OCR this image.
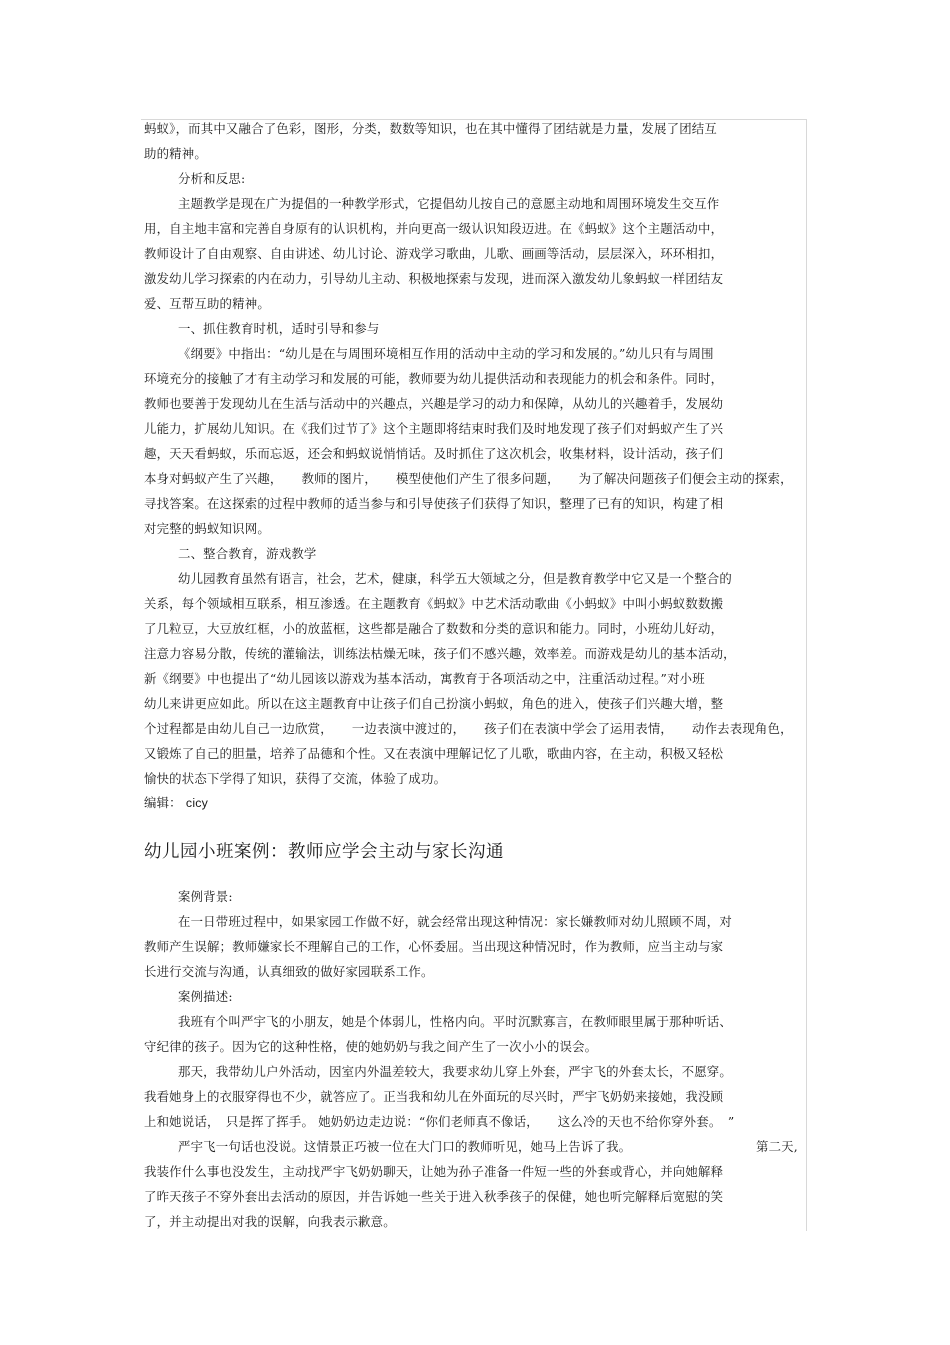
蚂蚁》，而其中又融合了色彩，图形，分类，数数等知识，也在其中懂得了团结就是力量，发展了团结互
助的精神。
分析和反思:
主题教学是现在广为提倡的一种教学形式，它提倡幼儿按自己的意愿主动地和周围环境发生交互作
用，自主地丰富和完善自身原有的认识机构，并向更高一级认识知段迈进。在《蚂蚁》这个主题活动中，
教师设计了自由观察、自由讲述、幼儿讨论、游戏学习歌曲，儿歌、画画等活动，层层深入，环环相扣，
激发幼儿学习探索的内在动力，引导幼儿主动、积极地探索与发现，进而深入激发幼儿象蚂蚁一样团结友
爱、互帮互助的精神。
一、抓住教育时机，适时引导和参与
《纲要》中指出：“幼儿是在与周围环境相互作用的活动中主动的学习和发展的。”幼儿只有与周围
环境充分的接触了才有主动学习和发展的可能，教师要为幼儿提供活动和表现能力的机会和条件。同时，
教师也要善于发现幼儿在生活与活动中的兴趣点，兴趣是学习的动力和保障，从幼儿的兴趣着手，发展幼
儿能力，扩展幼儿知识。在《我们过节了》这个主题即将结束时我们及时地发现了孩子们对蚂蚁产生了兴
趣，天天看蚂蚁，乐而忘返，还会和蚂蚁说悄悄话。及时抓住了这次机会，收集材料，设计活动，孩子们
本身对蚂蚁产生了兴趣，　　教师的图片，　　模型使他们产生了很多问题，　　为了解决问题孩子们便会主动的探索，
寻找答案。在这探索的过程中教师的适当参与和引导使孩子们获得了知识，整理了已有的知识，构建了相
对完整的蚂蚁知识网。
二、整合教育，游戏教学
幼儿园教育虽然有语言，社会，艺术，健康，科学五大领域之分，但是教育教学中它又是一个整合的
关系，每个领域相互联系，相互渗透。在主题教育《蚂蚁》中艺术活动歌曲《小蚂蚁》中叫小蚂蚁数数搬
了几粒豆，大豆放红框，小的放蓝框，这些都是融合了数数和分类的意识和能力。同时，小班幼儿好动，
注意力容易分散，传统的灌输法，训练法枯燥无味，孩子们不感兴趣，效率差。而游戏是幼儿的基本活动，
新《纲要》中也提出了“幼儿园该以游戏为基本活动，寓教育于各项活动之中，注重活动过程。”对小班
幼儿来讲更应如此。所以在这主题教育中让孩子们自己扮演小蚂蚁，角色的进入，使孩子们兴趣大增，整
个过程都是由幼儿自己一边欣赏，　　一边表演中渡过的，　　孩子们在表演中学会了运用表情，　　动作去表现角色，
又锻炼了自己的胆量，培养了品德和个性。又在表演中理解记忆了儿歌，歌曲内容，在主动，积极又轻松
愉快的状态下学得了知识，获得了交流，体验了成功。
编辑： cicy
幼儿园小班案例：教师应学会主动与家长沟通
案例背景:
在一日带班过程中，如果家园工作做不好，就会经常出现这种情况：家长嫌教师对幼儿照顾不周，对
教师产生误解；教师嫌家长不理解自己的工作，心怀委屈。当出现这种情况时，作为教师，应当主动与家
长进行交流与沟通，认真细致的做好家园联系工作。
案例描述:
我班有个叫严宇飞的小朋友，她是个体弱儿，性格内向。平时沉默寡言，在教师眼里属于那种听话、
守纪律的孩子。因为它的这种性格，使的她奶奶与我之间产生了一次小小的误会。
那天，我带幼儿户外活动，因室内外温差较大，我要求幼儿穿上外套，严宇飞的外套太长，不愿穿。
我看她身上的衣服穿得也不少，就答应了。正当我和幼儿在外面玩的尽兴时，严宇飞奶奶来接她，我没顾
上和她说话，　只是挥了挥手。 她奶奶边走边说：“你们老师真不像话，　　这么冷的天也不给你穿外套。　”
严宇飞一句话也没说。这情景正巧被一位在大门口的教师听见，她马上告诉了我。	第二天,
我装作什么事也没发生，主动找严宇飞奶奶聊天，让她为孙子准备一件短一些的外套或背心，并向她解释
了昨天孩子不穿外套出去活动的原因，并告诉她一些关于进入秋季孩子的保健，她也听完解释后宽慰的笑
了，并主动提出对我的误解，向我表示歉意。
